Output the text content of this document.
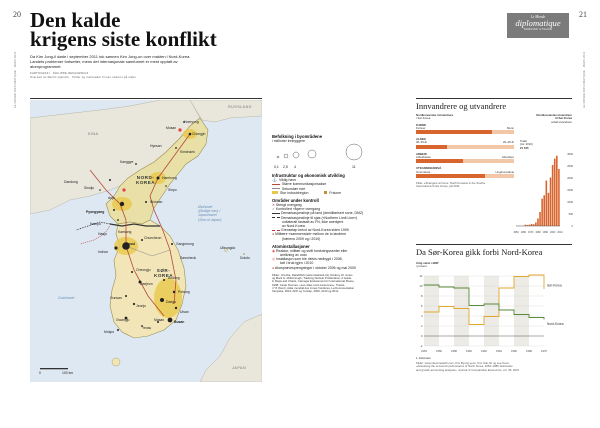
20	21
LE MONDE DIPLOMATIQUE · MARS 2011	LE MONDE DIPLOMATIQUE · MARS 2011
Le Monde
diplomatique
NORDISK UTGAVE
Den kalde
krigens siste konflikt
Da Kim Jong-il døde i september 2011 tok sønnen Kim Jong-un over makten i Nord-Korea.
Landets problemer fortsetter, mens det internasjonale samfunnet er mest opptatt av
atomprogrammet.
KARTOGRAFI · PHILIPPE REKACEWICZ
Oversatt av Martin Gjelsvik · Kilder og merknader finnes nederst på siden
RUSSLAND
KINA
JAPAN
NORD-
KOREA
SØR-
KOREA
Gulehavet
Østhavet
(Østlige hav) /
Japanhavet
(Sea of Japan)
Musan
Chongjin
Hoeryong
Kimchaek
Hyesan
Kanggye
Sinuiju
Dandong
Anju
Hamhung
Sinpo
Wonsan
Pyongyang
Nampo
Haeju	Kaesong
Seoul
Inchon
Chuncheon
Gangneung
Samcheok
Cheongju
Daejeon
Andong
Pohang
Daegu
Gunsan
Jeonju
Ulsan
Busan
Gwangju
Mokpo
Yeosu
Masan
Ulleungdo
Dokdo
0	100 km
Befolkning i byområdene
i millioner innbyggere
0,1 2,5 4	11
Infrastruktur og økonomisk utvikling
⚓ Viktig havn
Større kommunikasjonsakse
Sekundær rute
Stor industriregion	Frisone
Områder under kontroll
✕ Stengt overgang
✓ Kontrollert «åpen» overgang
Demarkasjonslinje på land (demilitarisert sone, DMZ)
Demarkasjonslinje til sjøs («Northern Limit Line»)
unilateralt fastsatt av FN, ikke anerkjent
av Nord-Korea
Grenseløp krevd av Nord-Korea siden 1999
● Militære «sammenstøt» mellom de to landene
(hærens 2009 og i 2010)
Atominstallasjoner
◉ Reaktor, militær og sivilt forskningssenter eller
anrikning av uran
◎ Installasjon som ble delvis nedbygd i 2008,
tatt i bruk igjen i 2010
● Atomprøvesprengninger i oktober 2006 og mai 2009
Kilder: Unocha, ReliefWeb (www.reliefweb.int); Rodney W. Jones
og Mark G. McDonough, Tracking Nuclear Proliferation: A Guide
in Maps and Charts, Carnegie Endowment for International Peace,
1998; César Ducruet, «Les villes nord-coréennes», Tracés,
n° 8 (hiver), Atlas mondial des zones frontières, La Documentation
française, 2010; AFP og Yonhap, 2009, 2010 og 2011.
Innvandrere og utvandrere
Nordkoreanske innvandrere
i Sør-Korea
KJØNN
Kvinner	Menn
ALDER
30–39 år	20–29 år
ARBEID
Arbeidsløse	Arbeidere
UTDANNINGSNIVÅ
Grunnskole	Ungdomsskole
Kilde: «Strangers at home: North Koreans in the South»,
International Crisis Group, juli 2011.
Nordkoreanske utvandrere
til Sør-Korea
antall utvandrere
Totalt
(tot. 2010)
21 165
3000
2500
2000
1500
1000
500
0
1950 1960 1970 1980 1990 2000 2010
Da Sør-Korea gikk forbi Nord-Korea
Årlig vekst i BNP
i prosent
12
10
8
6
4
2
0
-2
1954	1956	1958	1960	1962	1964	1966	1968	1970
Sør-Korea
Nord-Korea
1. Estimater
Kilder: www.nkeconwatch.com, Kim Byung-yeon, Kim Suk Jin og Lee Keun,
«Assessing the economic performance of North Korea, 1954–1989: Estimates
and growth accounting analysis», Journal of Comparative Economics, vol. 35, 2007.
